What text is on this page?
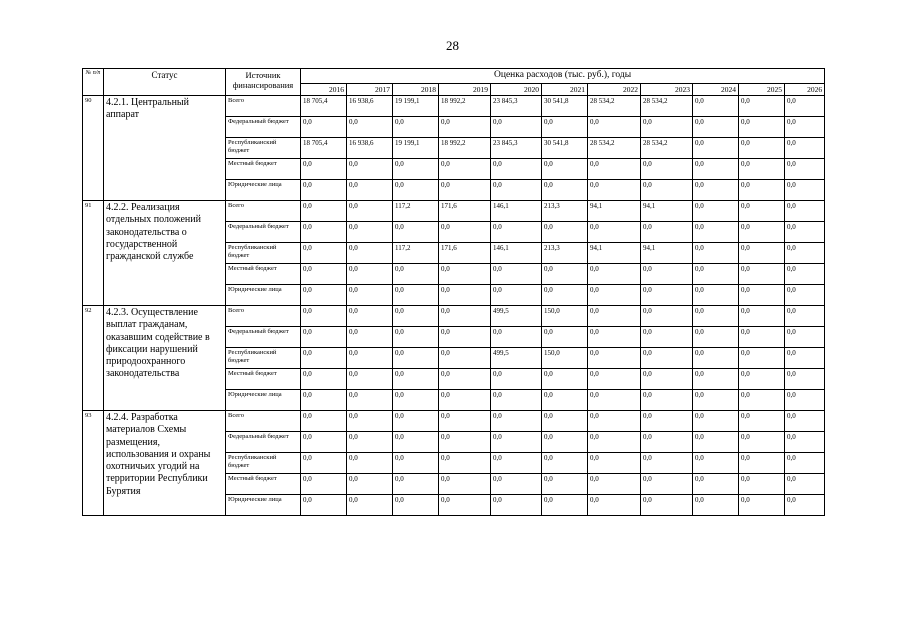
28
№ п/п	Статус	Источник финансирования	Оценка расходов (тыс. руб.), годы										
			2016	2017	2018	2019	2020	2021	2022	2023	2024	2025	2026
90	4.2.1. Центральный аппарат	Всего	18 705,4	16 938,6	19 199,1	18 992,2	23 845,3	30 541,8	28 534,2	28 534,2	0,0	0,0	0,0
		Федеральный бюджет	0,0	0,0	0,0	0,0	0,0	0,0	0,0	0,0	0,0	0,0	0,0
		Республиканский бюджет	18 705,4	16 938,6	19 199,1	18 992,2	23 845,3	30 541,8	28 534,2	28 534,2	0,0	0,0	0,0
		Местный бюджет	0,0	0,0	0,0	0,0	0,0	0,0	0,0	0,0	0,0	0,0	0,0
		Юридические лица	0,0	0,0	0,0	0,0	0,0	0,0	0,0	0,0	0,0	0,0	0,0
91	4.2.2. Реализация отдельных положений законодательства о государственной гражданской службе	Всего	0,0	0,0	117,2	171,6	146,1	213,3	94,1	94,1	0,0	0,0	0,0
		Федеральный бюджет	0,0	0,0	0,0	0,0	0,0	0,0	0,0	0,0	0,0	0,0	0,0
		Республиканский бюджет	0,0	0,0	117,2	171,6	146,1	213,3	94,1	94,1	0,0	0,0	0,0
		Местный бюджет	0,0	0,0	0,0	0,0	0,0	0,0	0,0	0,0	0,0	0,0	0,0
		Юридические лица	0,0	0,0	0,0	0,0	0,0	0,0	0,0	0,0	0,0	0,0	0,0
92	4.2.3. Осуществление выплат гражданам, оказавшим содействие в фиксации нарушений природоохранного законодательства	Всего	0,0	0,0	0,0	0,0	499,5	150,0	0,0	0,0	0,0	0,0	0,0
		Федеральный бюджет	0,0	0,0	0,0	0,0	0,0	0,0	0,0	0,0	0,0	0,0	0,0
		Республиканский бюджет	0,0	0,0	0,0	0,0	499,5	150,0	0,0	0,0	0,0	0,0	0,0
		Местный бюджет	0,0	0,0	0,0	0,0	0,0	0,0	0,0	0,0	0,0	0,0	0,0
		Юридические лица	0,0	0,0	0,0	0,0	0,0	0,0	0,0	0,0	0,0	0,0	0,0
93	4.2.4. Разработка материалов Схемы размещения, использования и охраны охотничьих угодий на территории Республики Бурятия	Всего	0,0	0,0	0,0	0,0	0,0	0,0	0,0	0,0	0,0	0,0	0,0
		Федеральный бюджет	0,0	0,0	0,0	0,0	0,0	0,0	0,0	0,0	0,0	0,0	0,0
		Республиканский бюджет	0,0	0,0	0,0	0,0	0,0	0,0	0,0	0,0	0,0	0,0	0,0
		Местный бюджет	0,0	0,0	0,0	0,0	0,0	0,0	0,0	0,0	0,0	0,0	0,0
		Юридические лица	0,0	0,0	0,0	0,0	0,0	0,0	0,0	0,0	0,0	0,0	0,0
